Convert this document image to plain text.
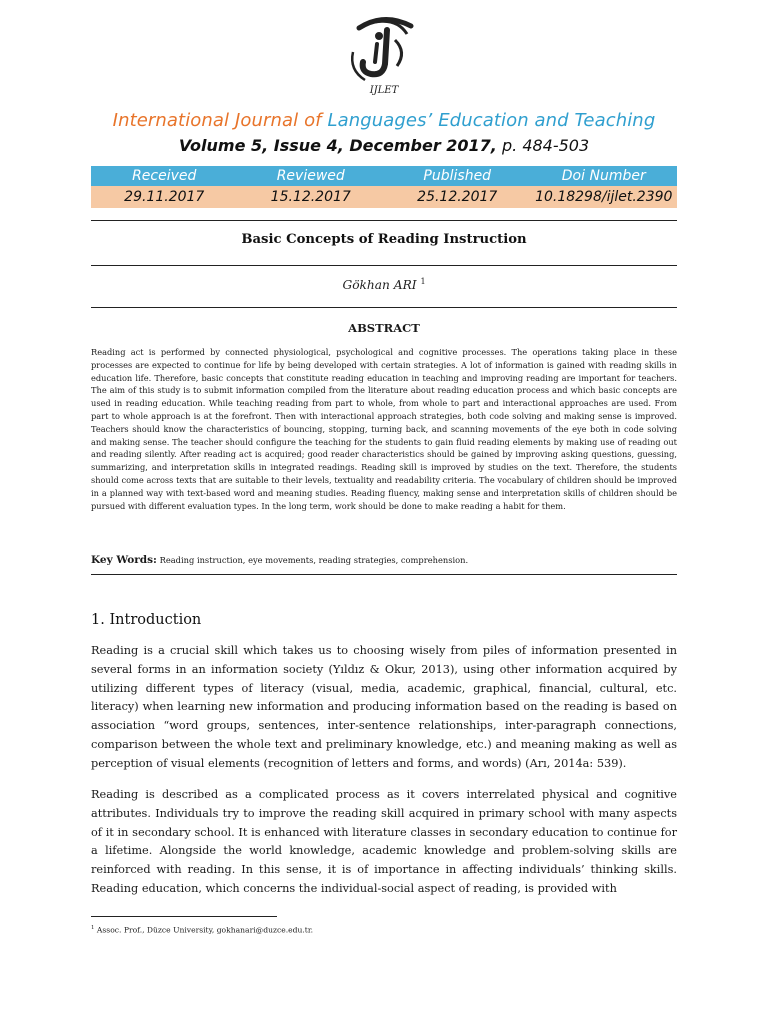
IJLET
International Journal of Languages’ Education and Teaching
Volume 5, Issue 4, December 2017, p. 484-503
Received	Reviewed	Published	Doi Number
29.11.2017	15.12.2017	25.12.2017	10.18298/ijlet.2390
Basic Concepts of Reading Instruction
Gökhan ARI $^1$
ABSTRACT

Reading act is performed by connected physiological, psychological and cognitive processes. The operations taking place in these processes are expected to continue for life by being developed with certain strategies. A lot of information is gained with reading skills in education life. Therefore, basic concepts that constitute reading education in teaching and improving reading are important for teachers. The aim of this study is to submit information compiled from the literature about reading education process and which basic concepts are used in reading education. While teaching reading from part to whole, from whole to part and interactional approaches are used. From part to whole approach is at the forefront. Then with interactional approach strategies, both code solving and making sense is improved. Teachers should know the characteristics of bouncing, stopping, turning back, and scanning movements of the eye both in code solving and making sense. The teacher should configure the teaching for the students to gain fluid reading elements by making use of reading out and reading silently. After reading act is acquired; good reader characteristics should be gained by improving asking questions, guessing, summarizing, and interpretation skills in integrated readings. Reading skill is improved by studies on the text. Therefore, the students should come across texts that are suitable to their levels, textuality and readability criteria. The vocabulary of children should be improved in a planned way with text-based word and meaning studies. Reading fluency, making sense and interpretation skills of children should be pursued with different evaluation types. In the long term, work should be done to make reading a habit for them.

Key Words: Reading instruction, eye movements, reading strategies, comprehension.
1. Introduction

Reading is a crucial skill which takes us to choosing wisely from piles of information presented in several forms in an information society (Yıldız & Okur, 2013), using other information acquired by utilizing different types of literacy (visual, media, academic, graphical, financial, cultural, etc. literacy) when learning new information and producing information based on the reading is based on association “word groups, sentences, inter-sentence relationships, inter-paragraph connections, comparison between the whole text and preliminary knowledge, etc.) and meaning making as well as perception of visual elements (recognition of letters and forms, and words) (Arı, 2014a: 539).

Reading is described as a complicated process as it covers interrelated physical and cognitive attributes. Individuals try to improve the reading skill acquired in primary school with many aspects of it in secondary school. It is enhanced with literature classes in secondary education to continue for a lifetime. Alongside the world knowledge, academic knowledge and problem-solving skills are reinforced with reading. In this sense, it is of importance in affecting individuals’ thinking skills. Reading education, which concerns the individual-social aspect of reading, is provided with

$^1$ Assoc. Prof., Düzce University, gokhanari@duzce.edu.tr.
